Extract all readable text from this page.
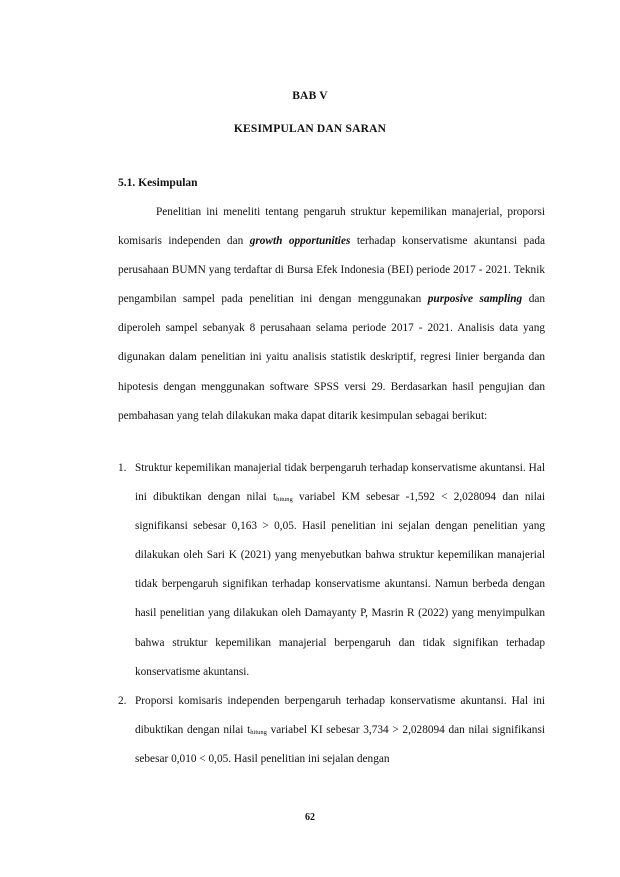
BAB V
KESIMPULAN DAN SARAN
5.1. Kesimpulan

Penelitian ini meneliti tentang pengaruh struktur kepemilikan manajerial, proporsi komisaris independen dan growth opportunities terhadap konservatisme akuntansi pada perusahaan BUMN yang terdaftar di Bursa Efek Indonesia (BEI) periode 2017 - 2021. Teknik pengambilan sampel pada penelitian ini dengan menggunakan purposive sampling dan diperoleh sampel sebanyak 8 perusahaan selama periode 2017 - 2021. Analisis data yang digunakan dalam penelitian ini yaitu analisis statistik deskriptif, regresi linier berganda dan hipotesis dengan menggunakan software SPSS versi 29. Berdasarkan hasil pengujian dan pembahasan yang telah dilakukan maka dapat ditarik kesimpulan sebagai berikut:

1. Struktur kepemilikan manajerial tidak berpengaruh terhadap konservatisme akuntansi. Hal ini dibuktikan dengan nilai $t_{hitung}$ variabel KM sebesar -1,592 < 2,028094 dan nilai signifikansi sebesar 0,163 > 0,05. Hasil penelitian ini sejalan dengan penelitian yang dilakukan oleh Sari K (2021) yang menyebutkan bahwa struktur kepemilikan manajerial tidak berpengaruh signifikan terhadap konservatisme akuntansi. Namun berbeda dengan hasil penelitian yang dilakukan oleh Damayanty P, Masrin R (2022) yang menyimpulkan bahwa struktur kepemilikan manajerial berpengaruh dan tidak signifikan terhadap konservatisme akuntansi.
2. Proporsi komisaris independen berpengaruh terhadap konservatisme akuntansi. Hal ini dibuktikan dengan nilai $t_{hitung}$ variabel KI sebesar 3,734 > 2,028094 dan nilai signifikansi sebesar 0,010 < 0,05. Hasil penelitian ini sejalan dengan
62
